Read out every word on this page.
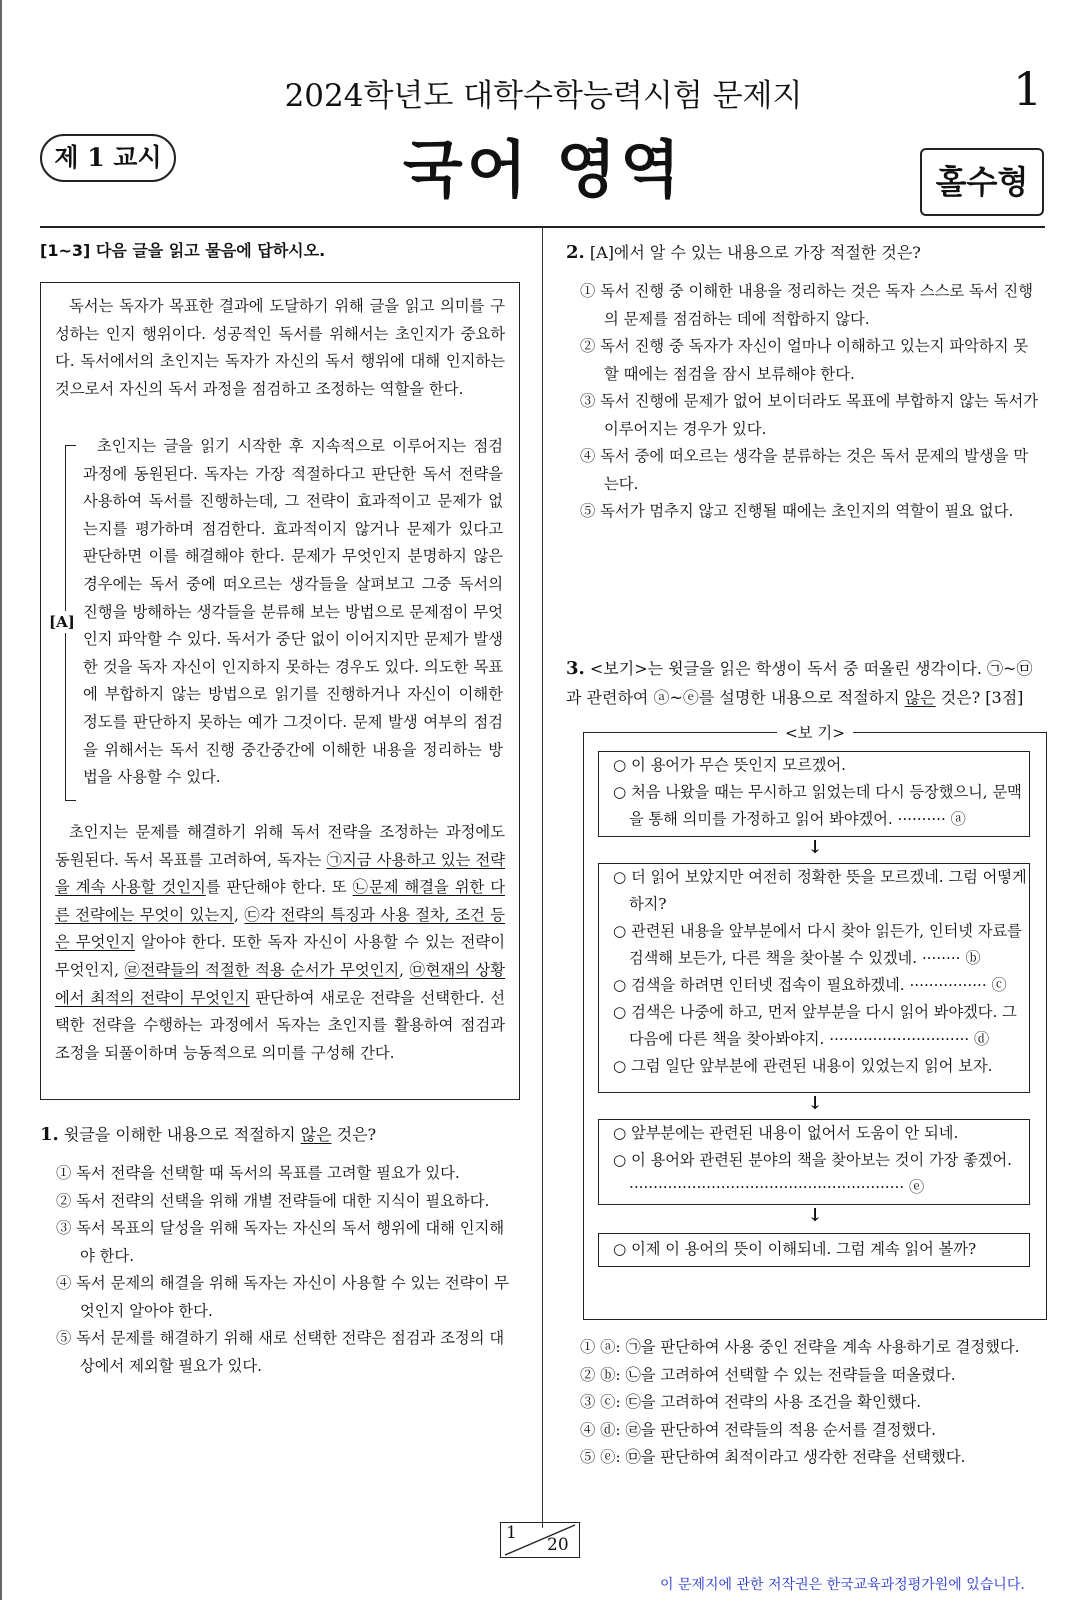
2024학년도 대학수학능력시험 문제지	1
제 1 교시	국어 영역	홀수형
[1~3] 다음 글을 읽고 물음에 답하시오.

독서는 독자가 목표한 결과에 도달하기 위해 글을 읽고 의미를 구성하는 인지 행위이다. 성공적인 독서를 위해서는 초인지가 중요하다. 독서에서의 초인지는 독자가 자신의 독서 행위에 대해 인지하는 것으로서 자신의 독서 과정을 점검하고 조정하는 역할을 한다.

[A]

초인지는 글을 읽기 시작한 후 지속적으로 이루어지는 점검 과정에 동원된다. 독자는 가장 적절하다고 판단한 독서 전략을 사용하여 독서를 진행하는데, 그 전략이 효과적이고 문제가 없는지를 평가하며 점검한다. 효과적이지 않거나 문제가 있다고 판단하면 이를 해결해야 한다. 문제가 무엇인지 분명하지 않은 경우에는 독서 중에 떠오르는 생각들을 살펴보고 그중 독서의 진행을 방해하는 생각들을 분류해 보는 방법으로 문제점이 무엇인지 파악할 수 있다. 독서가 중단 없이 이어지지만 문제가 발생한 것을 독자 자신이 인지하지 못하는 경우도 있다. 의도한 목표에 부합하지 않는 방법으로 읽기를 진행하거나 자신이 이해한 정도를 판단하지 못하는 예가 그것이다. 문제 발생 여부의 점검을 위해서는 독서 진행 중간중간에 이해한 내용을 정리하는 방법을 사용할 수 있다.

초인지는 문제를 해결하기 위해 독서 전략을 조정하는 과정에도 동원된다. 독서 목표를 고려하여, 독자는 ㉠지금 사용하고 있는 전략을 계속 사용할 것인지를 판단해야 한다. 또 ㉡문제 해결을 위한 다른 전략에는 무엇이 있는지, ㉢각 전략의 특징과 사용 절차, 조건 등은 무엇인지 알아야 한다. 또한 독자 자신이 사용할 수 있는 전략이 무엇인지, ㉣전략들의 적절한 적용 순서가 무엇인지, ㉤현재의 상황에서 최적의 전략이 무엇인지 판단하여 새로운 전략을 선택한다. 선택한 전략을 수행하는 과정에서 독자는 초인지를 활용하여 점검과 조정을 되풀이하며 능동적으로 의미를 구성해 간다.

1. 윗글을 이해한 내용으로 적절하지 않은 것은?

① 독서 전략을 선택할 때 독서의 목표를 고려할 필요가 있다.

② 독서 전략의 선택을 위해 개별 전략들에 대한 지식이 필요하다.

③ 독서 목표의 달성을 위해 독자는 자신의 독서 행위에 대해 인지해야 한다.

④ 독서 문제의 해결을 위해 독자는 자신이 사용할 수 있는 전략이 무엇인지 알아야 한다.

⑤ 독서 문제를 해결하기 위해 새로 선택한 전략은 점검과 조정의 대상에서 제외할 필요가 있다.

2. [A]에서 알 수 있는 내용으로 가장 적절한 것은?

① 독서 진행 중 이해한 내용을 정리하는 것은 독자 스스로 독서 진행의 문제를 점검하는 데에 적합하지 않다.

② 독서 진행 중 독자가 자신이 얼마나 이해하고 있는지 파악하지 못할 때에는 점검을 잠시 보류해야 한다.

③ 독서 진행에 문제가 없어 보이더라도 목표에 부합하지 않는 독서가 이루어지는 경우가 있다.

④ 독서 중에 떠오르는 생각을 분류하는 것은 독서 문제의 발생을 막는다.

⑤ 독서가 멈추지 않고 진행될 때에는 초인지의 역할이 필요 없다.

3. <보기>는 윗글을 읽은 학생이 독서 중 떠올린 생각이다. ㉠~㉤과 관련하여 ⓐ~ⓔ를 설명한 내용으로 적절하지 않은 것은? [3점]
<보 기>

○ 이 용어가 무슨 뜻인지 모르겠어.

○ 처음 나왔을 때는 무시하고 읽었는데 다시 등장했으니, 문맥을 통해 의미를 가정하고 읽어 봐야겠어. ·········· ⓐ

↓

○ 더 읽어 보았지만 여전히 정확한 뜻을 모르겠네. 그럼 어떻게 하지?

○ 관련된 내용을 앞부분에서 다시 찾아 읽든가, 인터넷 자료를 검색해 보든가, 다른 책을 찾아볼 수 있겠네. ········ ⓑ

○ 검색을 하려면 인터넷 접속이 필요하겠네. ················ ⓒ

○ 검색은 나중에 하고, 먼저 앞부분을 다시 읽어 봐야겠다. 그다음에 다른 책을 찾아봐야지. ····························· ⓓ

○ 그럼 일단 앞부분에 관련된 내용이 있었는지 읽어 보자.

↓

○ 앞부분에는 관련된 내용이 없어서 도움이 안 되네.

○ 이 용어와 관련된 분야의 책을 찾아보는 것이 가장 좋겠어. ························································· ⓔ

↓

○ 이제 이 용어의 뜻이 이해되네. 그럼 계속 읽어 볼까?

① ⓐ: ㉠을 판단하여 사용 중인 전략을 계속 사용하기로 결정했다.

② ⓑ: ㉡을 고려하여 선택할 수 있는 전략들을 떠올렸다.

③ ⓒ: ㉢을 고려하여 전략의 사용 조건을 확인했다.

④ ⓓ: ㉣을 판단하여 전략들의 적용 순서를 결정했다.

⑤ ⓔ: ㉤을 판단하여 최적이라고 생각한 전략을 선택했다.

1
20
이 문제지에 관한 저작권은 한국교육과정평가원에 있습니다.
